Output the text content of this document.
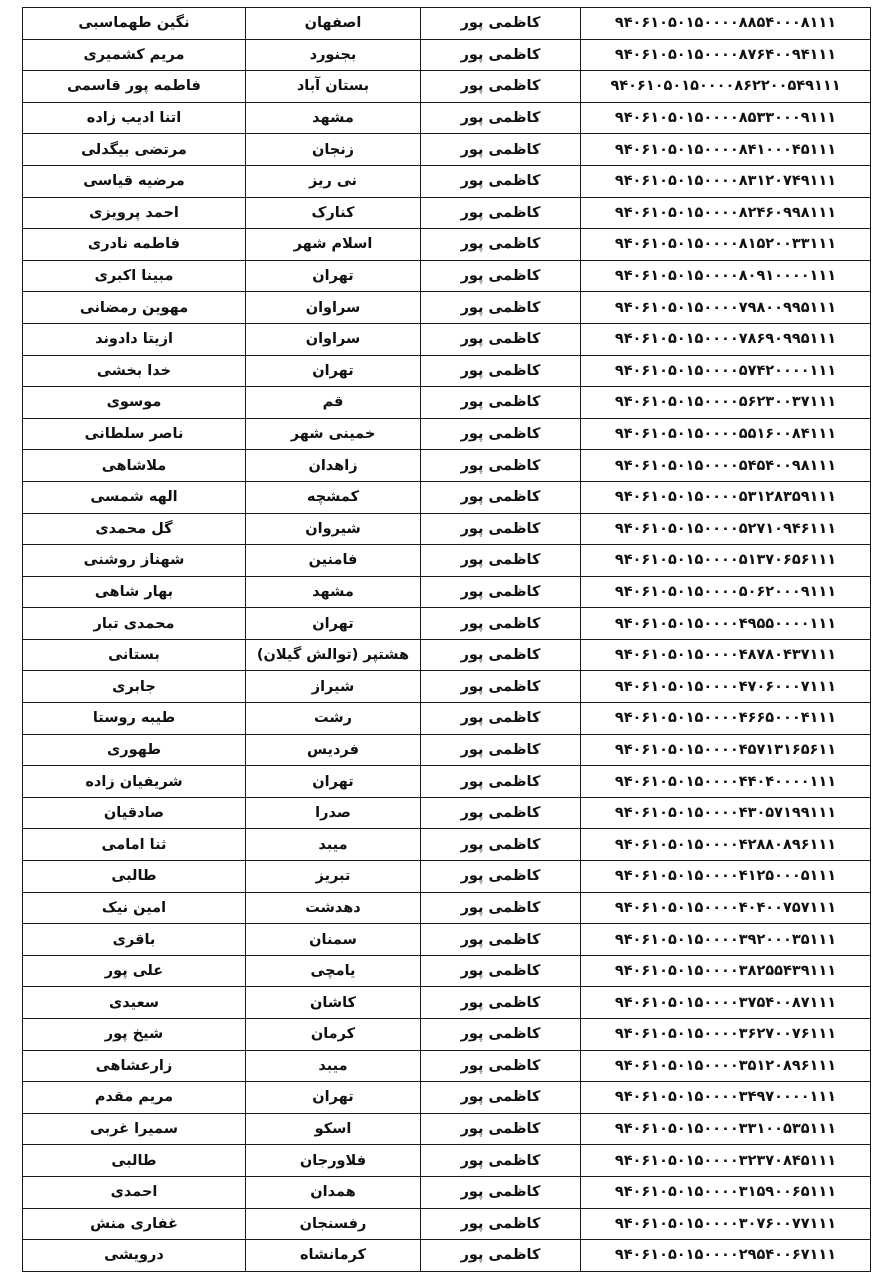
۹۴۰۶۱۰۵۰۱۵۰۰۰۰۸۸۵۴۰۰۰۸۱۱۱	کاظمی پور	اصفهان	نگین طهماسبی
۹۴۰۶۱۰۵۰۱۵۰۰۰۰۸۷۶۴۰۰۹۴۱۱۱	کاظمی پور	بجنورد	مریم کشمیری
۹۴۰۶۱۰۵۰۱۵۰۰۰۰۸۶۲۲۰۰۵۴۹۱۱۱	کاظمی پور	بستان آباد	فاطمه پور قاسمی
۹۴۰۶۱۰۵۰۱۵۰۰۰۰۸۵۳۳۰۰۰۹۱۱۱	کاظمی پور	مشهد	اتنا ادیب زاده
۹۴۰۶۱۰۵۰۱۵۰۰۰۰۸۴۱۰۰۰۴۵۱۱۱	کاظمی پور	زنجان	مرتضی بیگدلی
۹۴۰۶۱۰۵۰۱۵۰۰۰۰۸۳۱۲۰۷۴۹۱۱۱	کاظمی پور	نی ریز	مرضیه قیاسی
۹۴۰۶۱۰۵۰۱۵۰۰۰۰۸۲۴۶۰۹۹۸۱۱۱	کاظمی پور	کنارک	احمد پرویزی
۹۴۰۶۱۰۵۰۱۵۰۰۰۰۸۱۵۲۰۰۳۳۱۱۱	کاظمی پور	اسلام شهر	فاطمه نادری
۹۴۰۶۱۰۵۰۱۵۰۰۰۰۸۰۹۱۰۰۰۰۱۱۱	کاظمی پور	تهران	مبینا اکبری
۹۴۰۶۱۰۵۰۱۵۰۰۰۰۷۹۸۰۰۹۹۵۱۱۱	کاظمی پور	سراوان	مهوین رمضانی
۹۴۰۶۱۰۵۰۱۵۰۰۰۰۷۸۶۹۰۹۹۵۱۱۱	کاظمی پور	سراوان	ازیتا دادوند
۹۴۰۶۱۰۵۰۱۵۰۰۰۰۵۷۴۲۰۰۰۰۱۱۱	کاظمی پور	تهران	خدا بخشی
۹۴۰۶۱۰۵۰۱۵۰۰۰۰۵۶۲۳۰۰۳۷۱۱۱	کاظمی پور	قم	موسوی
۹۴۰۶۱۰۵۰۱۵۰۰۰۰۵۵۱۶۰۰۸۴۱۱۱	کاظمی پور	خمینی شهر	ناصر سلطانی
۹۴۰۶۱۰۵۰۱۵۰۰۰۰۵۴۵۴۰۰۹۸۱۱۱	کاظمی پور	زاهدان	ملاشاهی
۹۴۰۶۱۰۵۰۱۵۰۰۰۰۵۳۱۲۸۳۵۹۱۱۱	کاظمی پور	کمشچه	الهه شمسی
۹۴۰۶۱۰۵۰۱۵۰۰۰۰۵۲۷۱۰۹۴۶۱۱۱	کاظمی پور	شیروان	گل محمدی
۹۴۰۶۱۰۵۰۱۵۰۰۰۰۵۱۳۷۰۶۵۶۱۱۱	کاظمی پور	فامنین	شهناز روشنی
۹۴۰۶۱۰۵۰۱۵۰۰۰۰۵۰۶۲۰۰۰۹۱۱۱	کاظمی پور	مشهد	بهار شاهی
۹۴۰۶۱۰۵۰۱۵۰۰۰۰۴۹۵۵۰۰۰۰۱۱۱	کاظمی پور	تهران	محمدی تبار
۹۴۰۶۱۰۵۰۱۵۰۰۰۰۴۸۷۸۰۴۳۷۱۱۱	کاظمی پور	هشتپر (توالش گیلان)	بستانی
۹۴۰۶۱۰۵۰۱۵۰۰۰۰۴۷۰۶۰۰۰۷۱۱۱	کاظمی پور	شیراز	جابری
۹۴۰۶۱۰۵۰۱۵۰۰۰۰۴۶۶۵۰۰۰۴۱۱۱	کاظمی پور	رشت	طیبه روستا
۹۴۰۶۱۰۵۰۱۵۰۰۰۰۴۵۷۱۳۱۶۵۶۱۱	کاظمی پور	فردیس	طهوری
۹۴۰۶۱۰۵۰۱۵۰۰۰۰۴۴۰۴۰۰۰۰۱۱۱	کاظمی پور	تهران	شریفیان زاده
۹۴۰۶۱۰۵۰۱۵۰۰۰۰۴۳۰۵۷۱۹۹۱۱۱	کاظمی پور	صدرا	صادقیان
۹۴۰۶۱۰۵۰۱۵۰۰۰۰۴۲۸۸۰۸۹۶۱۱۱	کاظمی پور	میبد	ثنا امامی
۹۴۰۶۱۰۵۰۱۵۰۰۰۰۴۱۲۵۰۰۰۵۱۱۱	کاظمی پور	تبریز	طالبی
۹۴۰۶۱۰۵۰۱۵۰۰۰۰۴۰۴۰۰۷۵۷۱۱۱	کاظمی پور	دهدشت	امین نیک
۹۴۰۶۱۰۵۰۱۵۰۰۰۰۳۹۲۰۰۰۳۵۱۱۱	کاظمی پور	سمنان	باقری
۹۴۰۶۱۰۵۰۱۵۰۰۰۰۳۸۲۵۵۴۳۹۱۱۱	کاظمی پور	یامچی	علی پور
۹۴۰۶۱۰۵۰۱۵۰۰۰۰۳۷۵۴۰۰۸۷۱۱۱	کاظمی پور	کاشان	سعیدی
۹۴۰۶۱۰۵۰۱۵۰۰۰۰۳۶۲۷۰۰۷۶۱۱۱	کاظمی پور	کرمان	شیخ پور
۹۴۰۶۱۰۵۰۱۵۰۰۰۰۳۵۱۲۰۸۹۶۱۱۱	کاظمی پور	میبد	زارعشاهی
۹۴۰۶۱۰۵۰۱۵۰۰۰۰۳۴۹۷۰۰۰۰۱۱۱	کاظمی پور	تهران	مریم مقدم
۹۴۰۶۱۰۵۰۱۵۰۰۰۰۳۳۱۰۰۵۳۵۱۱۱	کاظمی پور	اسکو	سمیرا غربی
۹۴۰۶۱۰۵۰۱۵۰۰۰۰۳۲۳۷۰۸۴۵۱۱۱	کاظمی پور	فلاورجان	طالبی
۹۴۰۶۱۰۵۰۱۵۰۰۰۰۳۱۵۹۰۰۶۵۱۱۱	کاظمی پور	همدان	احمدی
۹۴۰۶۱۰۵۰۱۵۰۰۰۰۳۰۷۶۰۰۷۷۱۱۱	کاظمی پور	رفسنجان	غفاری منش
۹۴۰۶۱۰۵۰۱۵۰۰۰۰۲۹۵۴۰۰۶۷۱۱۱	کاظمی پور	کرمانشاه	درویشی
